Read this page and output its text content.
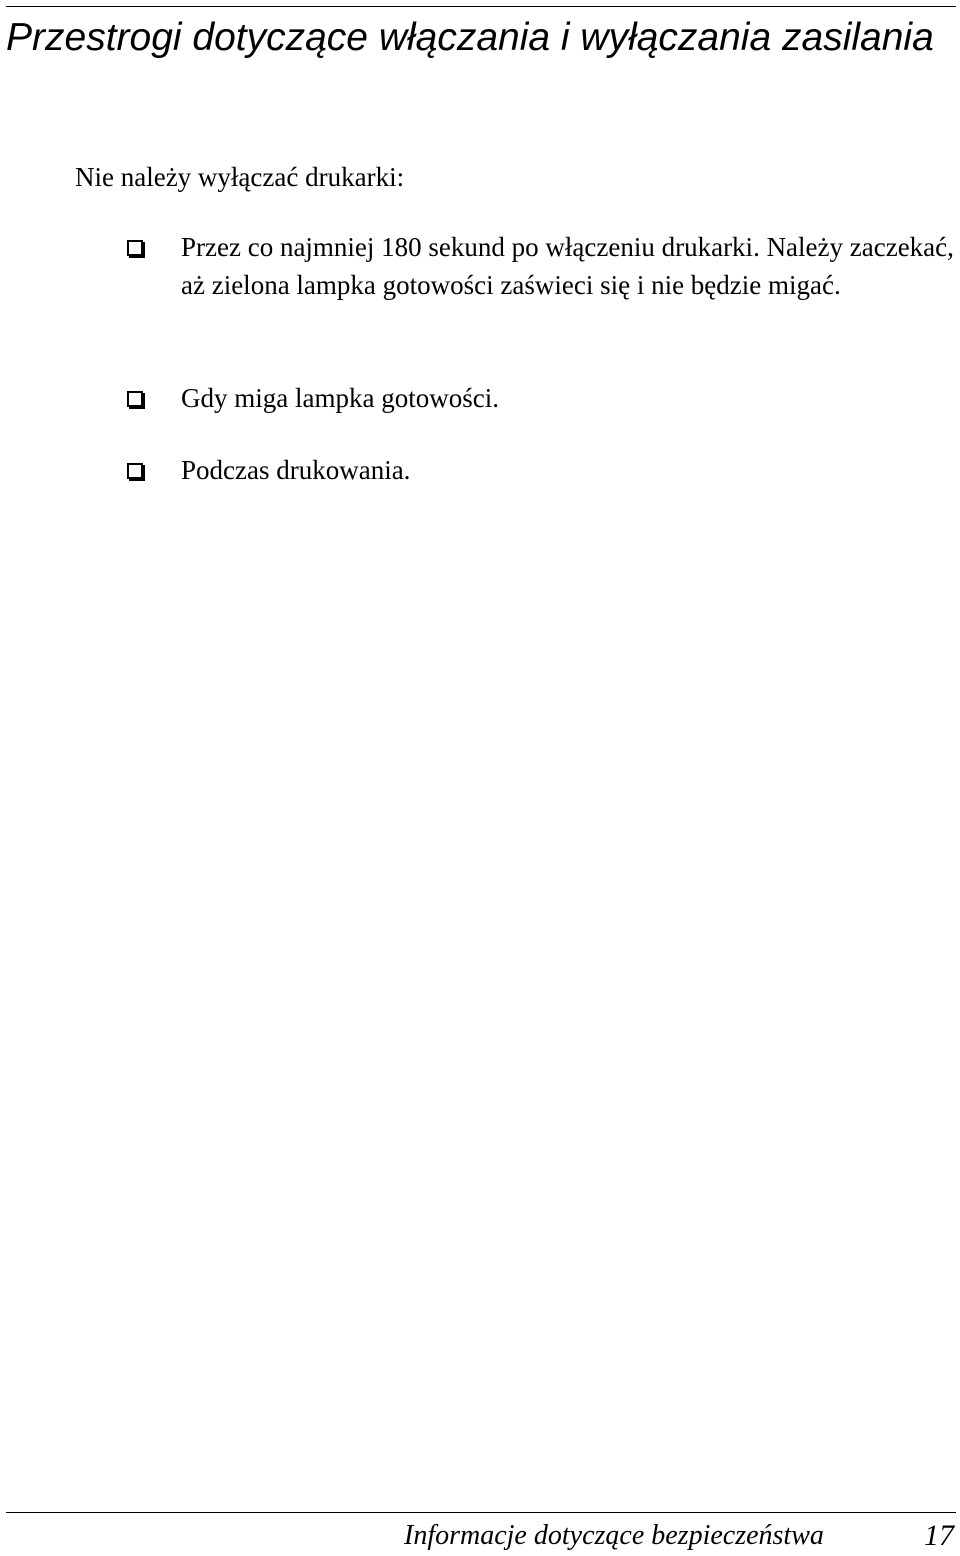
Przestrogi dotyczące włączania i wyłączania zasilania

Nie należy wyłączać drukarki:

Przez co najmniej 180 sekund po włączeniu drukarki. Należy zaczekać, aż zielona lampka gotowości zaświeci się i nie będzie migać.

Gdy miga lampka gotowości.

Podczas drukowania.

Informacje dotyczące bezpieczeństwa	17
